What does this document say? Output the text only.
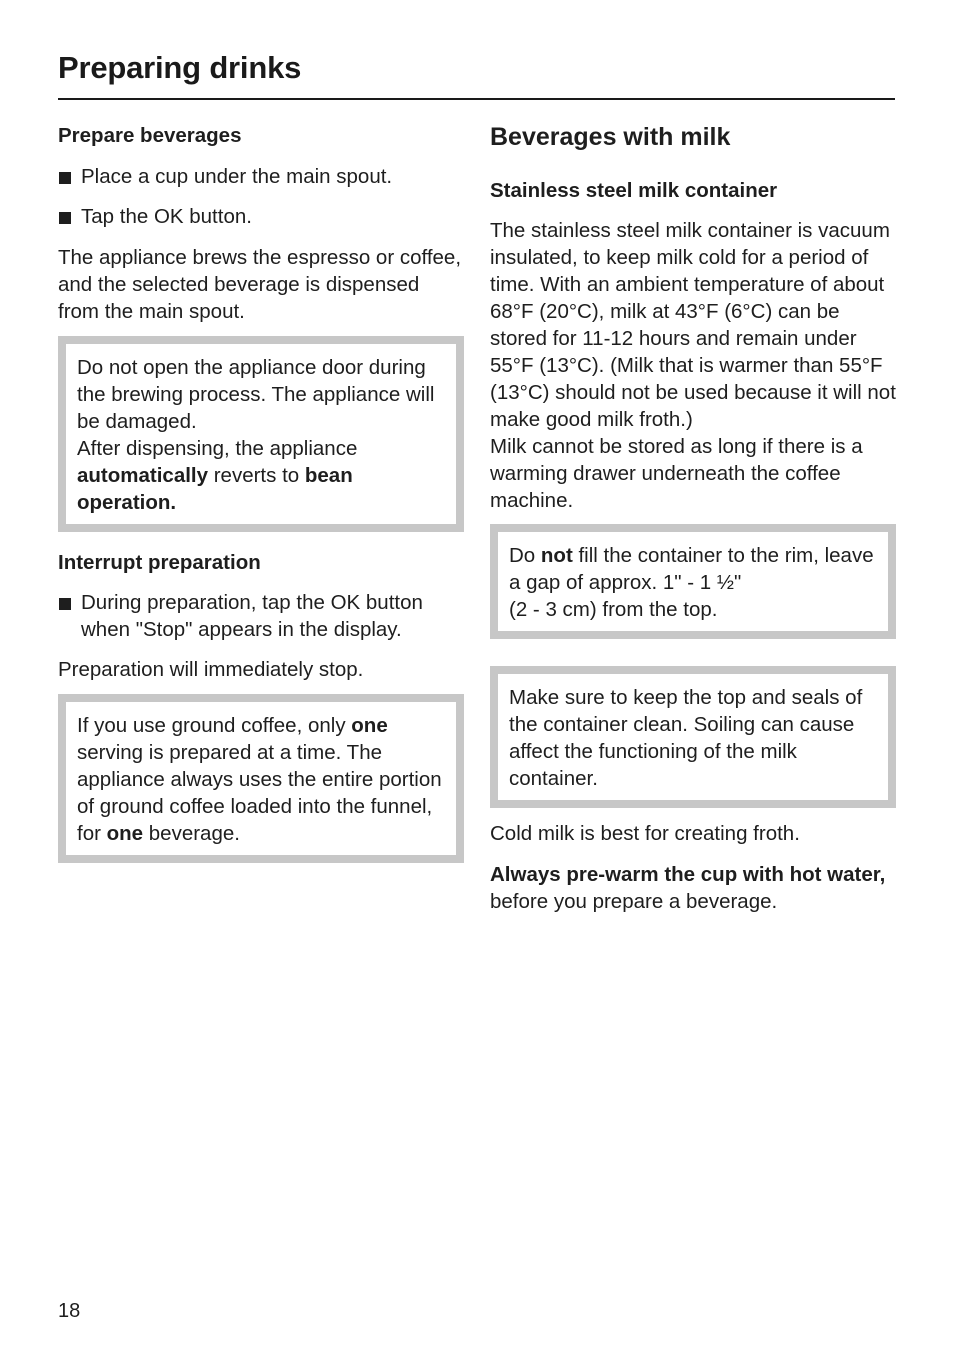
Preparing drinks
Prepare beverages

Place a cup under the main spout.

Tap the OK button.

The appliance brews the espresso or coffee, and the selected beverage is dispensed from the main spout.

Do not open the appliance door during the brewing process. The appliance will be damaged.
After dispensing, the appliance automatically reverts to bean operation.
Interrupt preparation

During preparation, tap the OK button when "Stop" appears in the display.

Preparation will immediately stop.

If you use ground coffee, only one serving is prepared at a time. The appliance always uses the entire portion of ground coffee loaded into the funnel, for one beverage.
Beverages with milk
Stainless steel milk container

The stainless steel milk container is vacuum insulated, to keep milk cold for a period of time. With an ambient temperature of about 68°F (20°C), milk at 43°F (6°C) can be stored for 11-12 hours and remain under 55°F (13°C). (Milk that is warmer than 55°F (13°C) should not be used because it will not make good milk froth.)

Milk cannot be stored as long if there is a warming drawer underneath the coffee machine.

Do not fill the container to the rim, leave a gap of approx. 1" - 1 ½"
(2 - 3 cm) from the top.
Make sure to keep the top and seals of the container clean. Soiling can cause affect the functioning of the milk container.

Cold milk is best for creating froth.

Always pre-warm the cup with hot water, before you prepare a beverage.

18
